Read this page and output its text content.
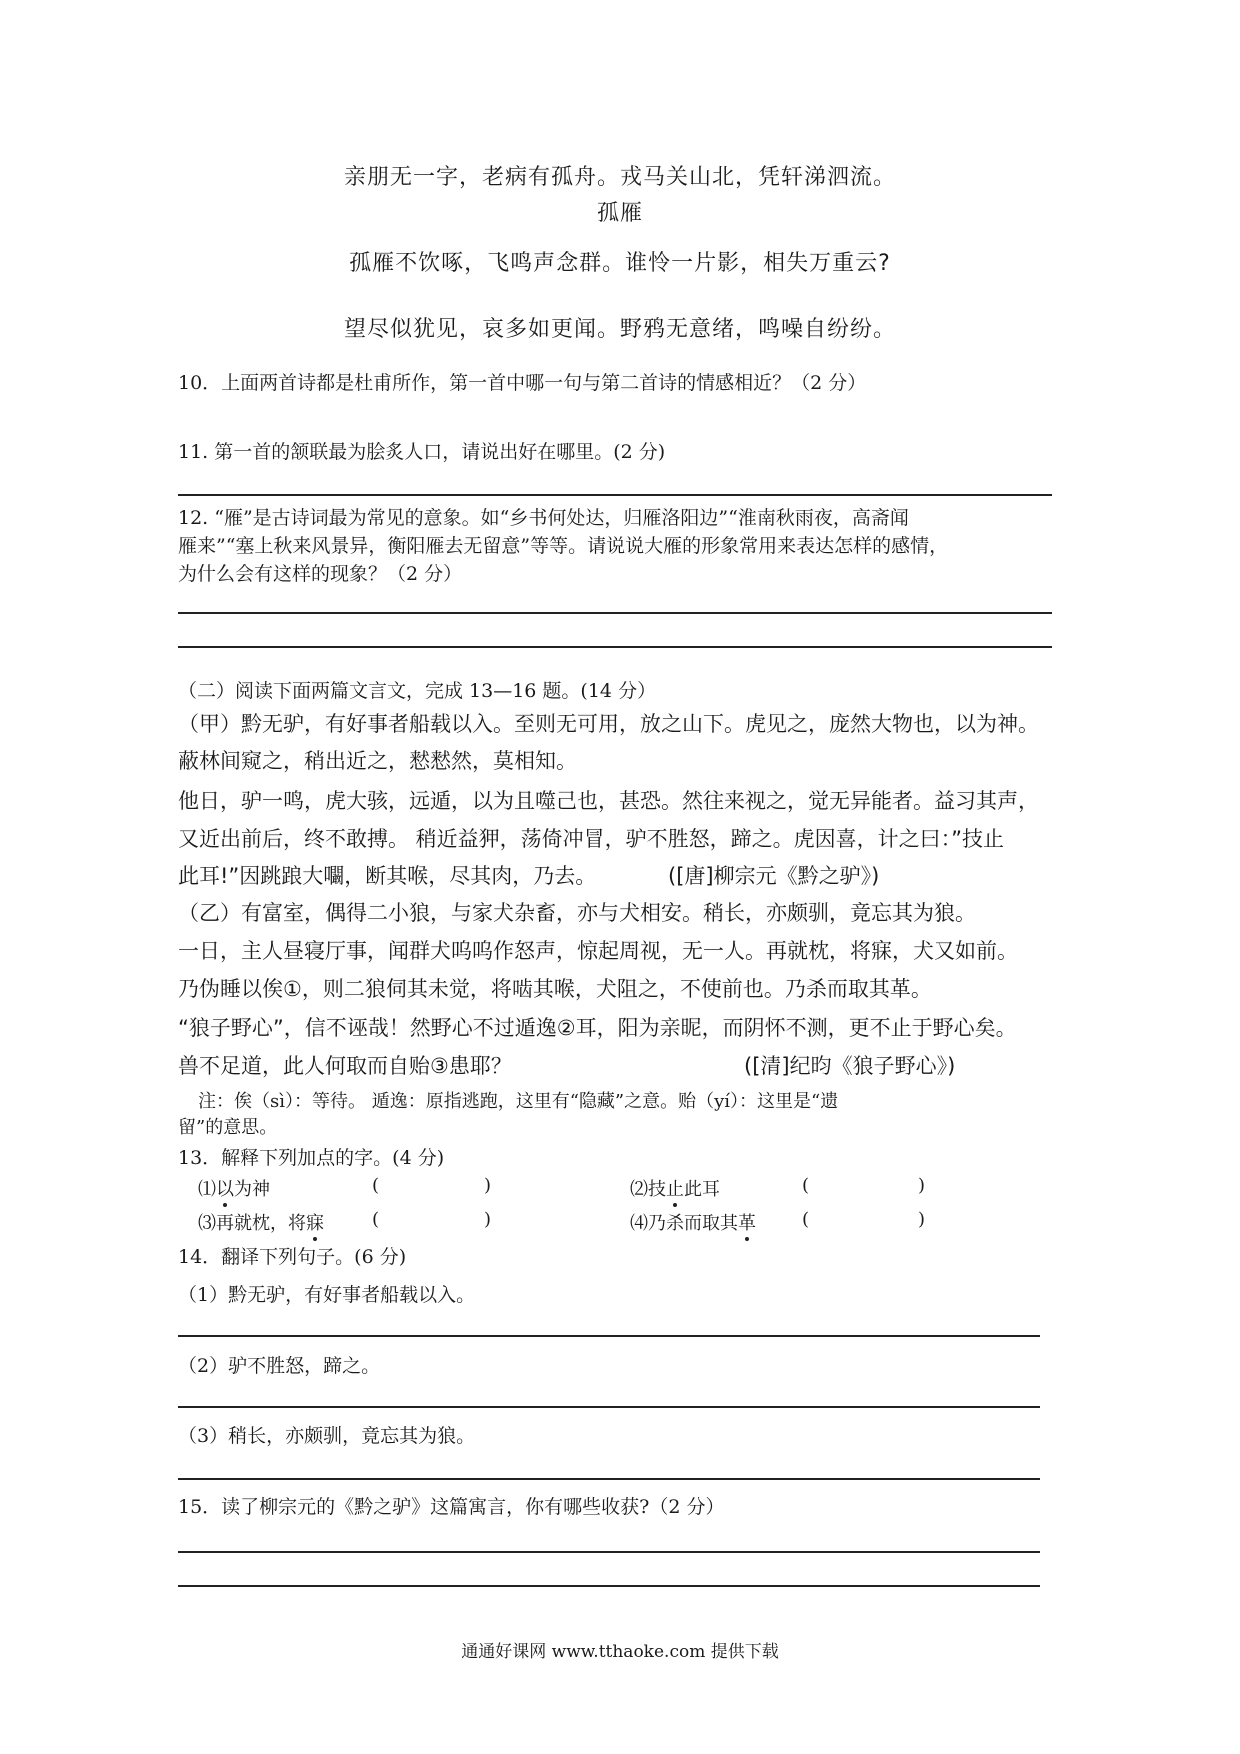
亲朋无一字，老病有孤舟。戎马关山北，凭轩涕泗流。
孤雁
孤雁不饮啄，飞鸣声念群。谁怜一片影，相失万重云?
望尽似犹见，哀多如更闻。野鸦无意绪，鸣噪自纷纷。
10．上面两首诗都是杜甫所作，第一首中哪一句与第二首诗的情感相近？（2 分）
11. 第一首的颔联最为脍炙人口，请说出好在哪里。(2 分)
12. “雁”是古诗词最为常见的意象。如“乡书何处达，归雁洛阳边”“淮南秋雨夜，高斋闻
雁来”“塞上秋来风景异，衡阳雁去无留意”等等。请说说大雁的形象常用来表达怎样的感情，
为什么会有这样的现象？（2 分）
（二）阅读下面两篇文言文，完成 13—16 题。(14 分）
（甲）黔无驴，有好事者船载以入。至则无可用，放之山下。虎见之，庞然大物也，以为神。
蔽林间窥之，稍出近之，慭慭然，莫相知。
他日，驴一鸣，虎大骇，远遁，以为且噬己也，甚恐。然往来视之，觉无异能者。益习其声，
又近出前后，终不敢搏。 稍近益狎，荡倚冲冒，驴不胜怒，蹄之。虎因喜，计之曰：”技止
此耳!”因跳踉大㘚，断其喉，尽其肉，乃去。	([唐]柳宗元《黔之驴》)
（乙）有富室，偶得二小狼，与家犬杂畜，亦与犬相安。稍长，亦颇驯，竟忘其为狼。
一日，主人昼寝厅事，闻群犬呜呜作怒声，惊起周视，无一人。再就枕，将寐，犬又如前。
乃伪睡以俟①，则二狼伺其未觉，将啮其喉，犬阻之，不使前也。乃杀而取其革。
“狼子野心”，信不诬哉！然野心不过遁逸②耳，阳为亲昵，而阴怀不测，更不止于野心矣。
兽不足道，此人何取而自贻③患耶？	([清]纪昀《狼子野心》)
注：俟（sì）：等待。 遁逸：原指逃跑，这里有“隐藏”之意。贻（yí）：这里是“遗
留”的意思。
13．解释下列加点的字。(4 分)
⑴以为神	(	)	⑵技止此耳	(	)
⑶再就枕，将寐	(	)	⑷乃杀而取其革	(	)
14．翻译下列句子。(6 分)
（1）黔无驴，有好事者船载以入。
（2）驴不胜怒，蹄之。
（3）稍长，亦颇驯，竟忘其为狼。
15．读了柳宗元的《黔之驴》这篇寓言，你有哪些收获?（2 分）
通通好课网 www.tthaoke.com 提供下载
